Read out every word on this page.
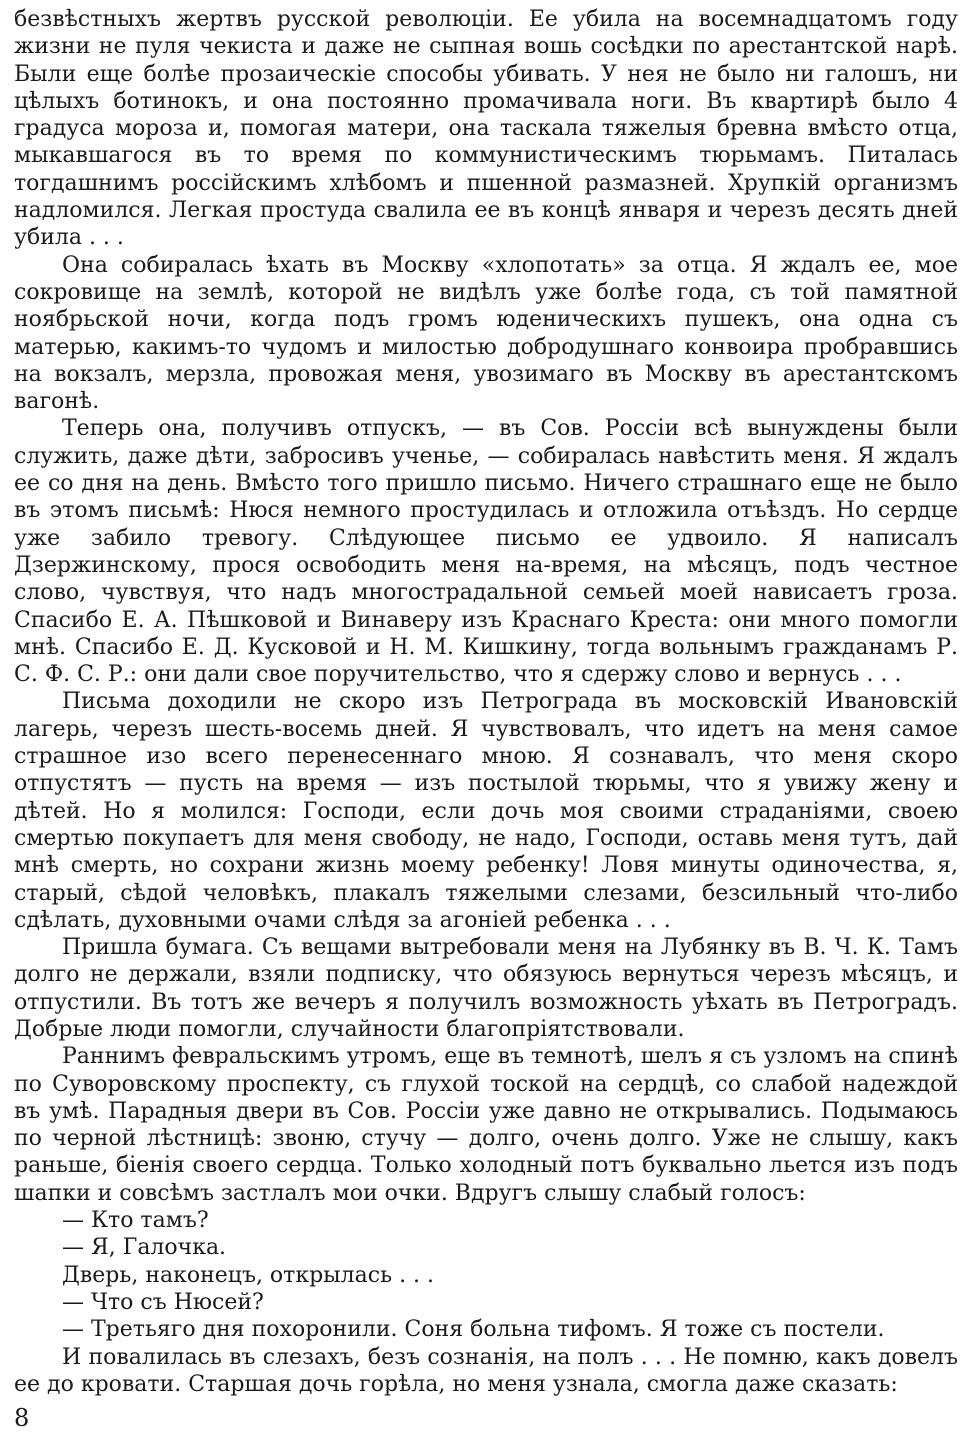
безвѣстныхъ жертвъ русской революціи. Ее убила на восемнадцатомъ году жизни не пуля чекиста и даже не сыпная вошь сосѣдки по арестантской нарѣ. Были еще болѣе прозаическіе способы убивать. У нея не было ни галошъ, ни цѣлыхъ ботинокъ, и она постоянно промачивала ноги. Въ квартирѣ было 4 градуса мороза и, помогая матери, она таскала тяжелыя бревна вмѣсто отца, мыкавшагося въ то время по коммунистическимъ тюрьмамъ. Питалась тогдашнимъ россійскимъ хлѣбомъ и пшенной размазней. Хрупкій организмъ надломился. Легкая простуда свалила ее въ концѣ января и черезъ десять дней убила . . .

Она собиралась ѣхать въ Москву «хлопотать» за отца. Я ждалъ ее, мое сокровище на землѣ, которой не видѣлъ уже болѣе года, съ той памятной ноябрьской ночи, когда подъ громъ юденическихъ пушекъ, она одна съ матерью, какимъ-то чудомъ и милостью добродушнаго конвоира пробравшись на вокзалъ, мерзла, провожая меня, увозимаго въ Москву въ арестантскомъ вагонѣ.

Теперь она, получивъ отпускъ, — въ Сов. Россіи всѣ вынуждены были служить, даже дѣти, забросивъ ученье, — собиралась навѣстить меня. Я ждалъ ее со дня на день. Вмѣсто того пришло письмо. Ничего страшнаго еще не было въ этомъ письмѣ: Нюся немного простудилась и отложила отъѣздъ. Но сердце уже забило тревогу. Слѣдующее письмо ее удвоило. Я написалъ Дзержинскому, прося освободить меня на-время, на мѣсяцъ, подъ честное слово, чувствуя, что надъ многострадальной семьей моей нависаетъ гроза. Спасибо Е. А. Пѣшковой и Винаверу изъ Краснаго Креста: они много помогли мнѣ. Спасибо Е. Д. Кусковой и Н. М. Кишкину, тогда вольнымъ гражданамъ Р. С. Ф. С. Р.: они дали свое поручительство, что я сдержу слово и вернусь . . .

Письма доходили не скоро изъ Петрограда въ московскій Ивановскій лагерь, черезъ шесть-восемь дней. Я чувствовалъ, что идетъ на меня самое страшное изо всего перенесеннаго мною. Я сознавалъ, что меня скоро отпустятъ — пусть на время — изъ постылой тюрьмы, что я увижу жену и дѣтей. Но я молился: Господи, если дочь моя своими страданіями, своею смертью покупаетъ для меня свободу, не надо, Господи, оставь меня тутъ, дай мнѣ смерть, но сохрани жизнь моему ребенку! Ловя минуты одиночества, я, старый, сѣдой человѣкъ, плакалъ тяжелыми слезами, безсильный что-либо сдѣлать, духовными очами слѣдя за агоніей ребенка . . .

Пришла бумага. Съ вещами вытребовали меня на Лубянку въ В. Ч. К. Тамъ долго не держали, взяли подписку, что обязуюсь вернуться черезъ мѣсяцъ, и отпустили. Въ тотъ же вечеръ я получилъ возможность уѣхать въ Петроградъ. Добрые люди помогли, случайности благопріятствовали.

Раннимъ февральскимъ утромъ, еще въ темнотѣ, шелъ я съ узломъ на спинѣ по Суворовскому проспекту, съ глухой тоской на сердцѣ, со слабой надеждой въ умѣ. Парадныя двери въ Сов. Россіи уже давно не открывались. Подымаюсь по черной лѣстницѣ: звоню, стучу — долго, очень долго. Уже не слышу, какъ раньше, біенія своего сердца. Только холодный потъ буквально льется изъ подъ шапки и совсѣмъ застлалъ мои очки. Вдругъ слышу слабый голосъ:

— Кто тамъ?

— Я, Галочка.

Дверь, наконецъ, открылась . . .

— Что съ Нюсей?

— Третьяго дня похоронили. Соня больна тифомъ. Я тоже съ постели.

И повалилась въ слезахъ, безъ сознанія, на полъ . . . Не помню, какъ довелъ ее до кровати. Старшая дочь горѣла, но меня узнала, смогла даже сказать:

8
